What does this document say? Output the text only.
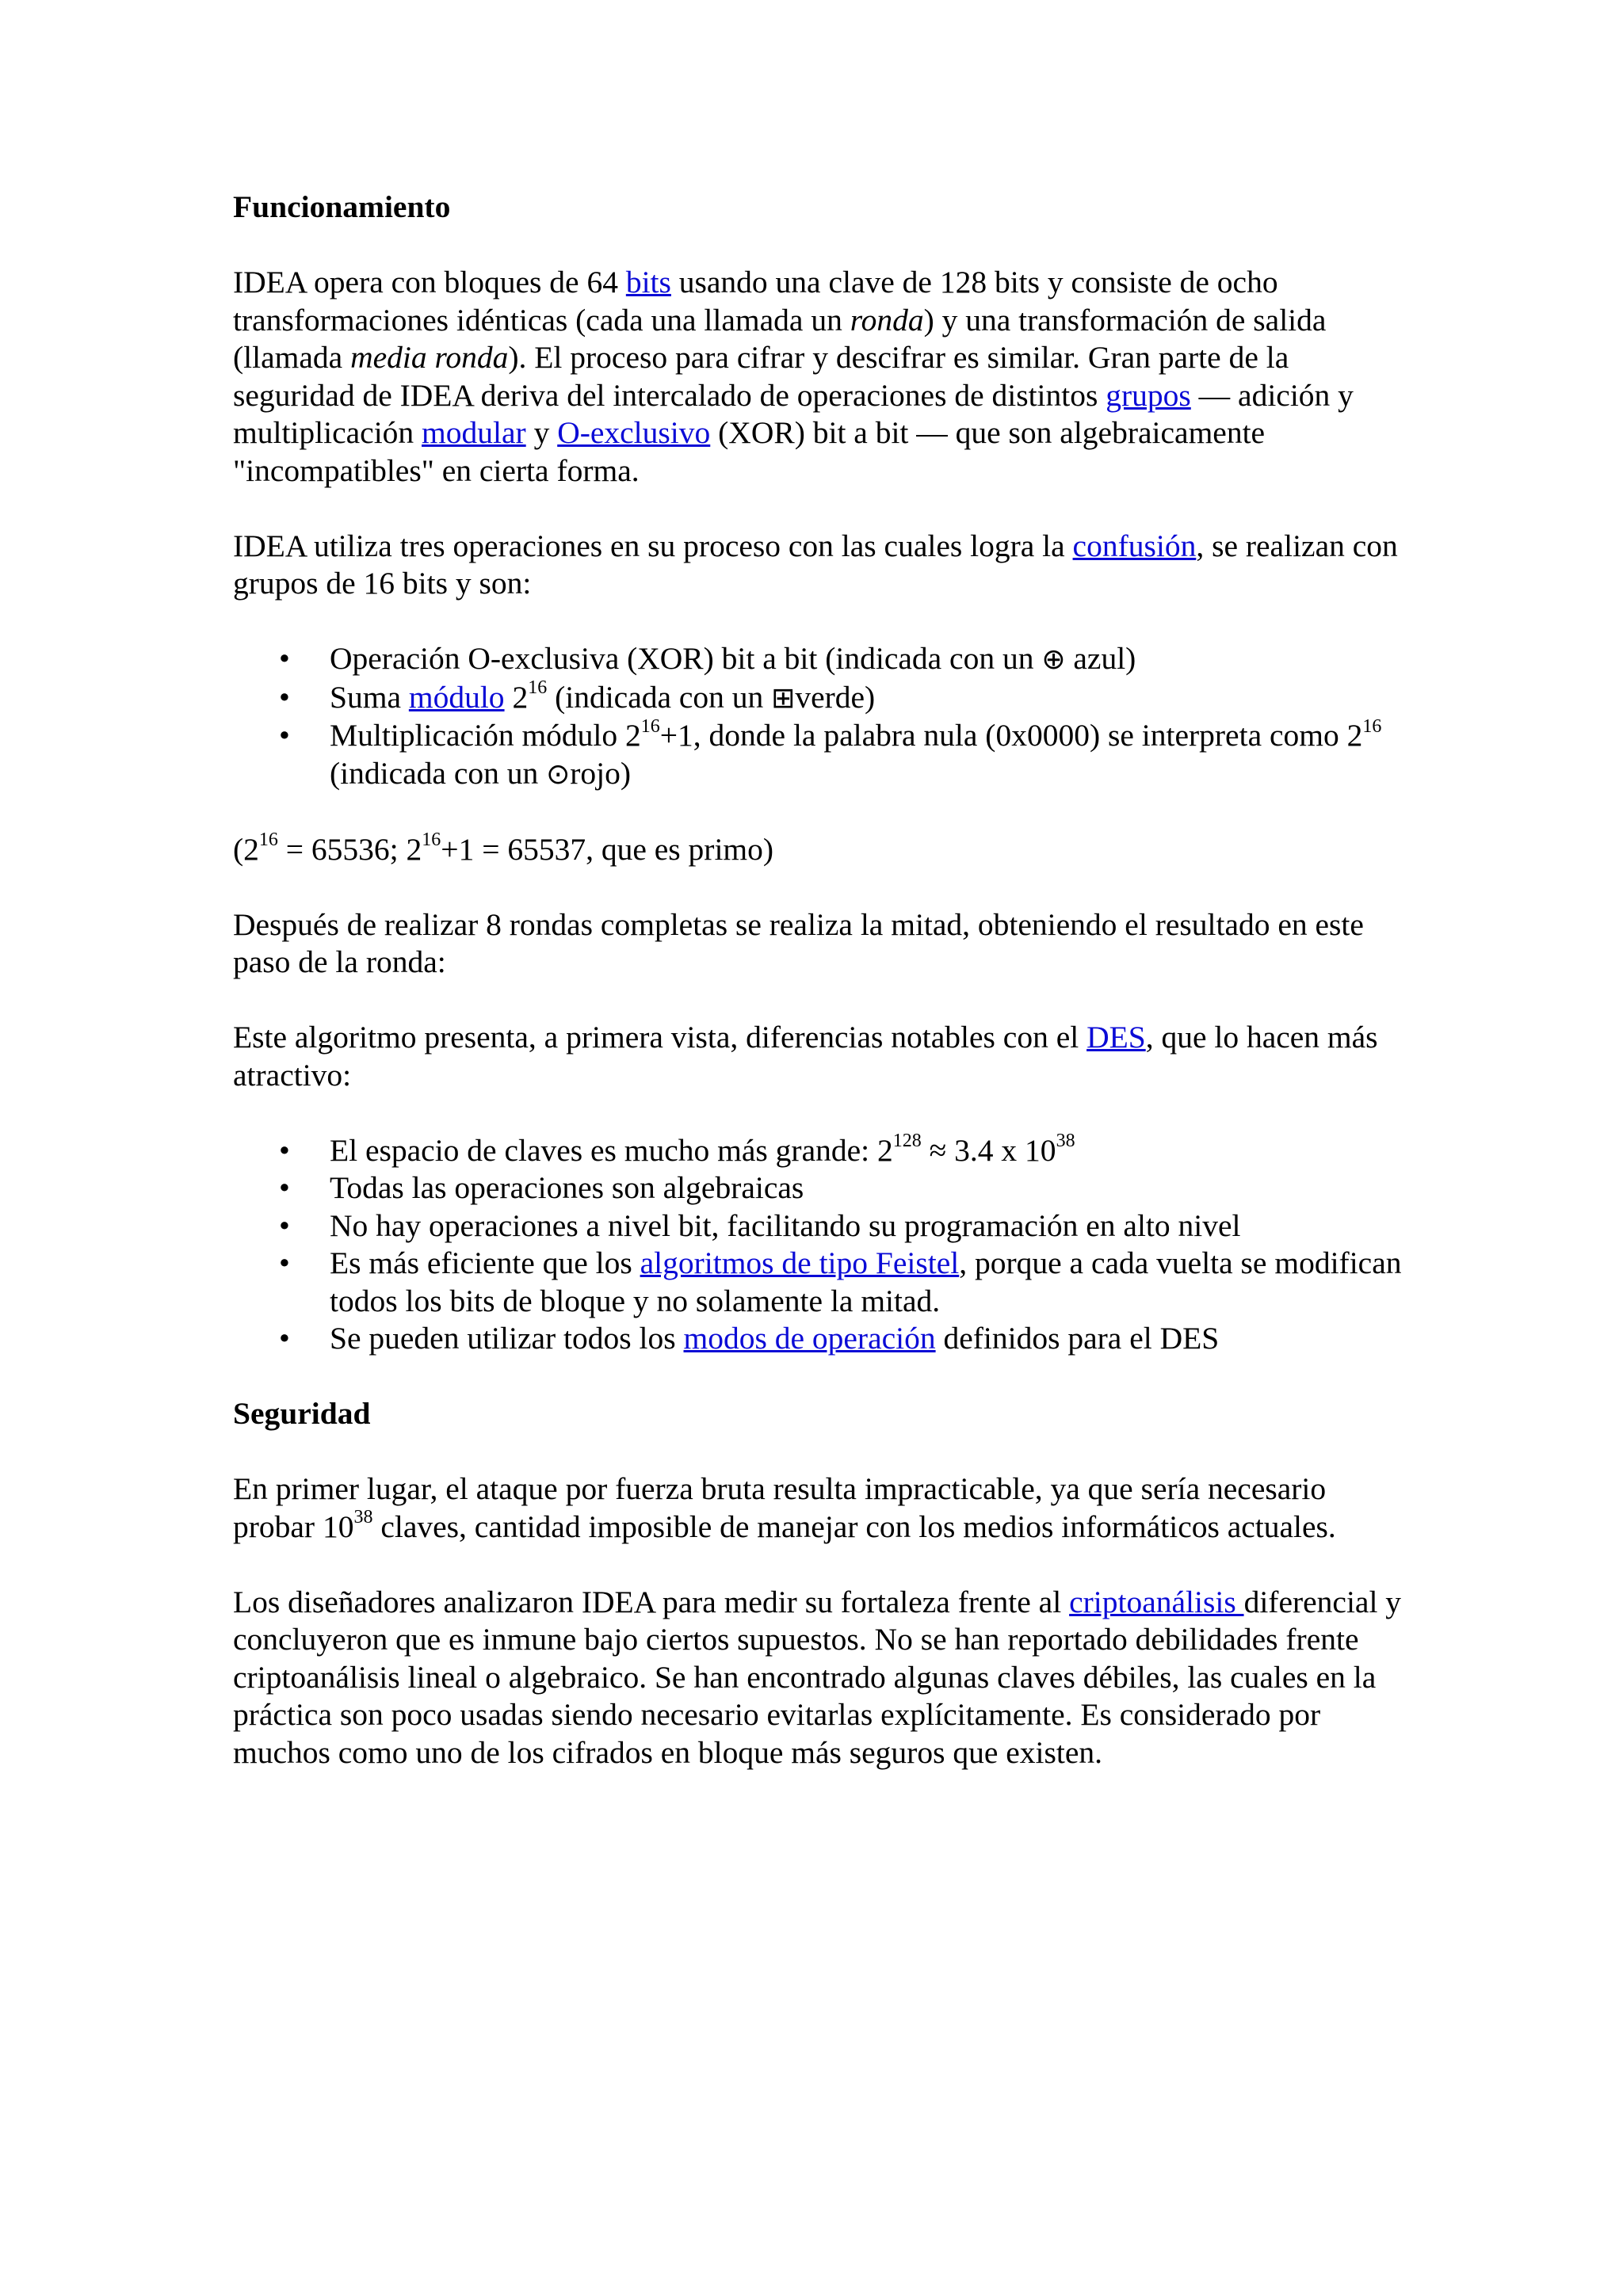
Funcionamiento

IDEA opera con bloques de 64 bits usando una clave de 128 bits y consiste de ocho transformaciones idénticas (cada una llamada un ronda) y una transformación de salida (llamada media ronda). El proceso para cifrar y descifrar es similar. Gran parte de la seguridad de IDEA deriva del intercalado de operaciones de distintos grupos — adición y multiplicación modular y O-exclusivo (XOR) bit a bit — que son algebraicamente "incompatibles" en cierta forma.

IDEA utiliza tres operaciones en su proceso con las cuales logra la confusión, se realizan con grupos de 16 bits y son:

• Operación O-exclusiva (XOR) bit a bit (indicada con un ⊕ azul)
• Suma módulo $2^{16}$ (indicada con un ⊞verde)
• Multiplicación módulo $2^{16}+1$, donde la palabra nula (0x0000) se interpreta como $2^{16}$ (indicada con un ⊙rojo)

($2^{16} = 65536$; $2^{16}+1 = 65537$, que es primo)

Después de realizar 8 rondas completas se realiza la mitad, obteniendo el resultado en este paso de la ronda:

Este algoritmo presenta, a primera vista, diferencias notables con el DES, que lo hacen más atractivo:

• El espacio de claves es mucho más grande: $2^{128} \approx 3.4$ x $10^{38}$
• Todas las operaciones son algebraicas
• No hay operaciones a nivel bit, facilitando su programación en alto nivel
• Es más eficiente que los algoritmos de tipo Feistel, porque a cada vuelta se modifican todos los bits de bloque y no solamente la mitad.
• Se pueden utilizar todos los modos de operación definidos para el DES
Seguridad

En primer lugar, el ataque por fuerza bruta resulta impracticable, ya que sería necesario probar $10^{38}$ claves, cantidad imposible de manejar con los medios informáticos actuales.

Los diseñadores analizaron IDEA para medir su fortaleza frente al criptoanálisis diferencial y concluyeron que es inmune bajo ciertos supuestos. No se han reportado debilidades frente criptoanálisis lineal o algebraico. Se han encontrado algunas claves débiles, las cuales en la práctica son poco usadas siendo necesario evitarlas explícitamente. Es considerado por muchos como uno de los cifrados en bloque más seguros que existen.
